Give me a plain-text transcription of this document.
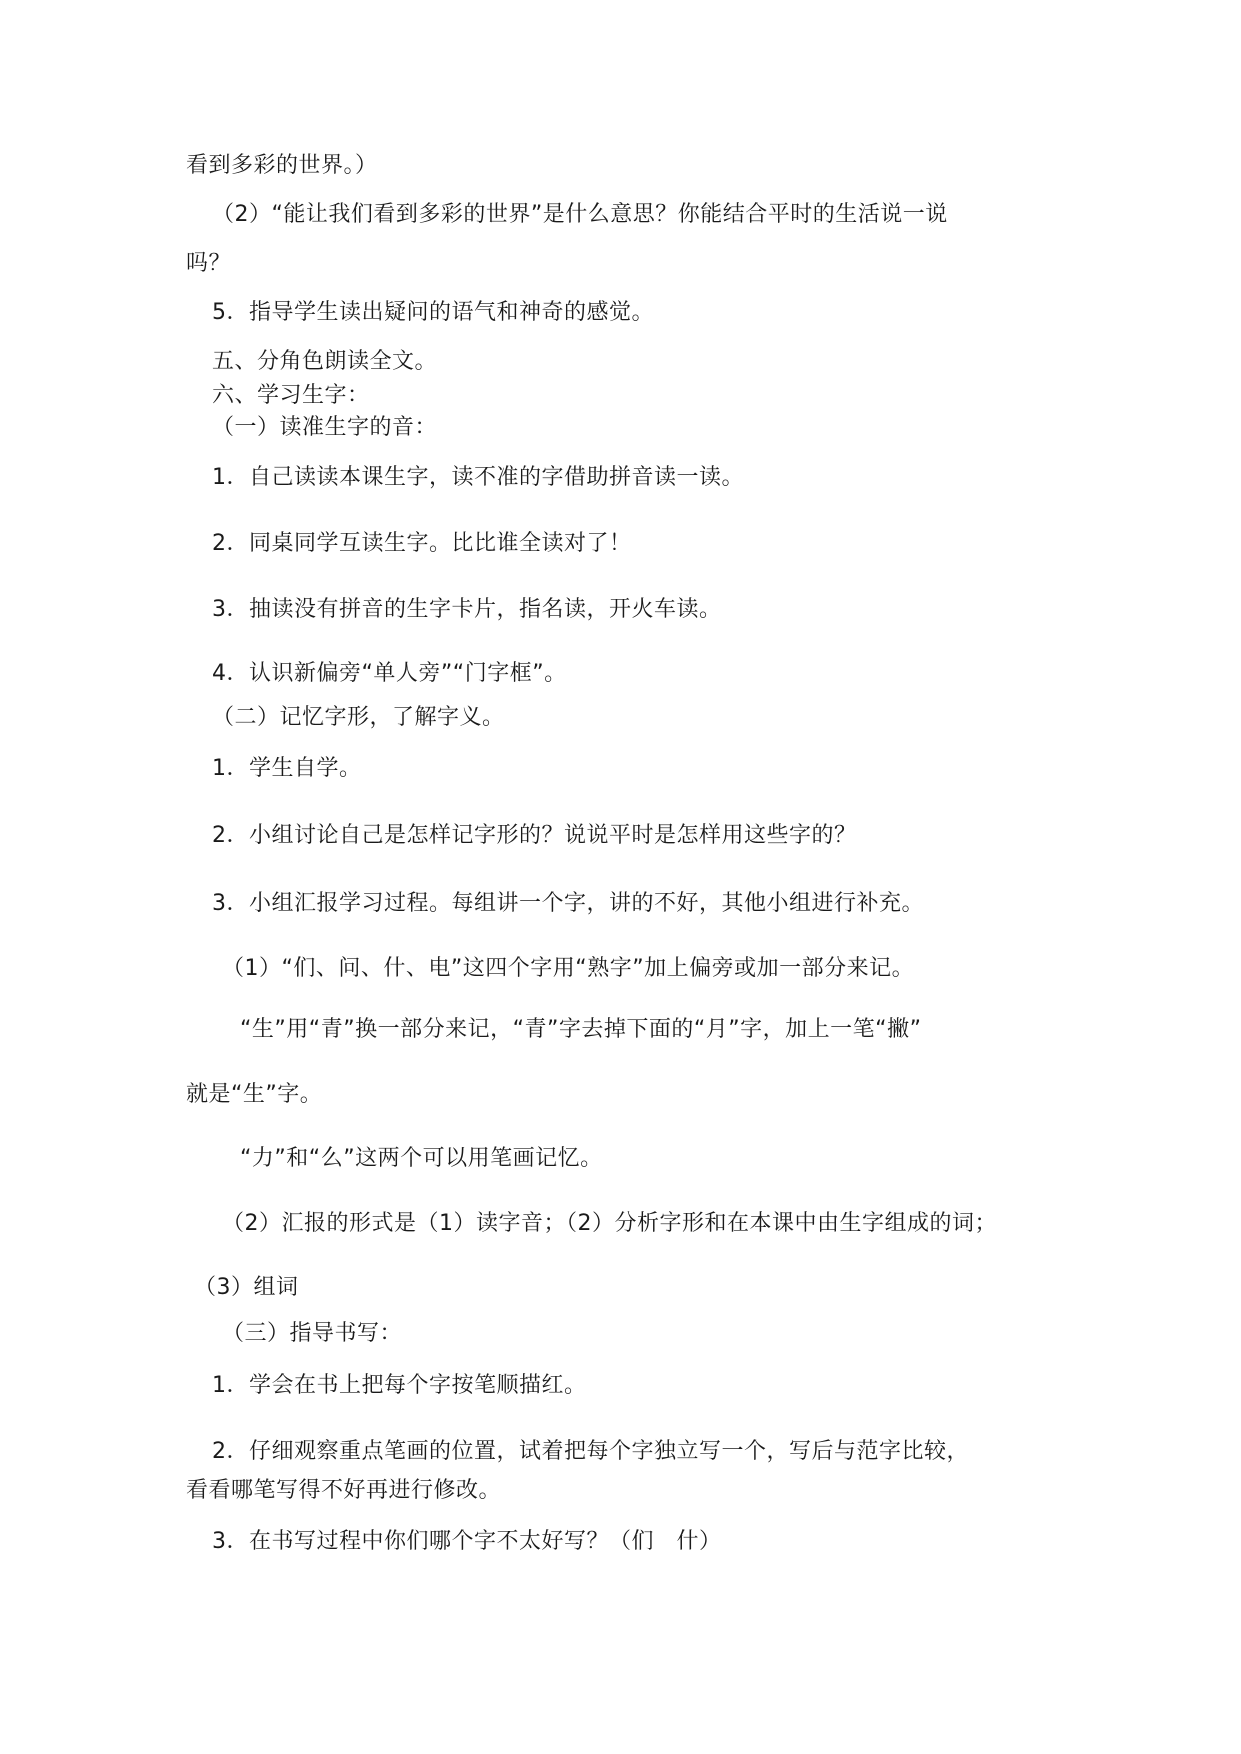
看到多彩的世界。）
（2）“能让我们看到多彩的世界”是什么意思？你能结合平时的生活说一说
吗？
5．指导学生读出疑问的语气和神奇的感觉。
五、分角色朗读全文。
六、学习生字：
（一）读准生字的音：
1．自己读读本课生字，读不准的字借助拼音读一读。
2．同桌同学互读生字。比比谁全读对了！
3．抽读没有拼音的生字卡片，指名读，开火车读。
4．认识新偏旁“单人旁”“门字框”。
（二）记忆字形，了解字义。
1．学生自学。
2．小组讨论自己是怎样记字形的？说说平时是怎样用这些字的？
3．小组汇报学习过程。每组讲一个字，讲的不好，其他小组进行补充。
（1）“们、问、什、电”这四个字用“熟字”加上偏旁或加一部分来记。
“生”用“青”换一部分来记，“青”字去掉下面的“月”字，加上一笔“撇”
就是“生”字。
“力”和“么”这两个可以用笔画记忆。
（2）汇报的形式是（1）读字音；（2）分析字形和在本课中由生字组成的词；
（3）组词
（三）指导书写：
1．学会在书上把每个字按笔顺描红。
2．仔细观察重点笔画的位置，试着把每个字独立写一个，写后与范字比较，
看看哪笔写得不好再进行修改。
3．在书写过程中你们哪个字不太好写？（们　什）
